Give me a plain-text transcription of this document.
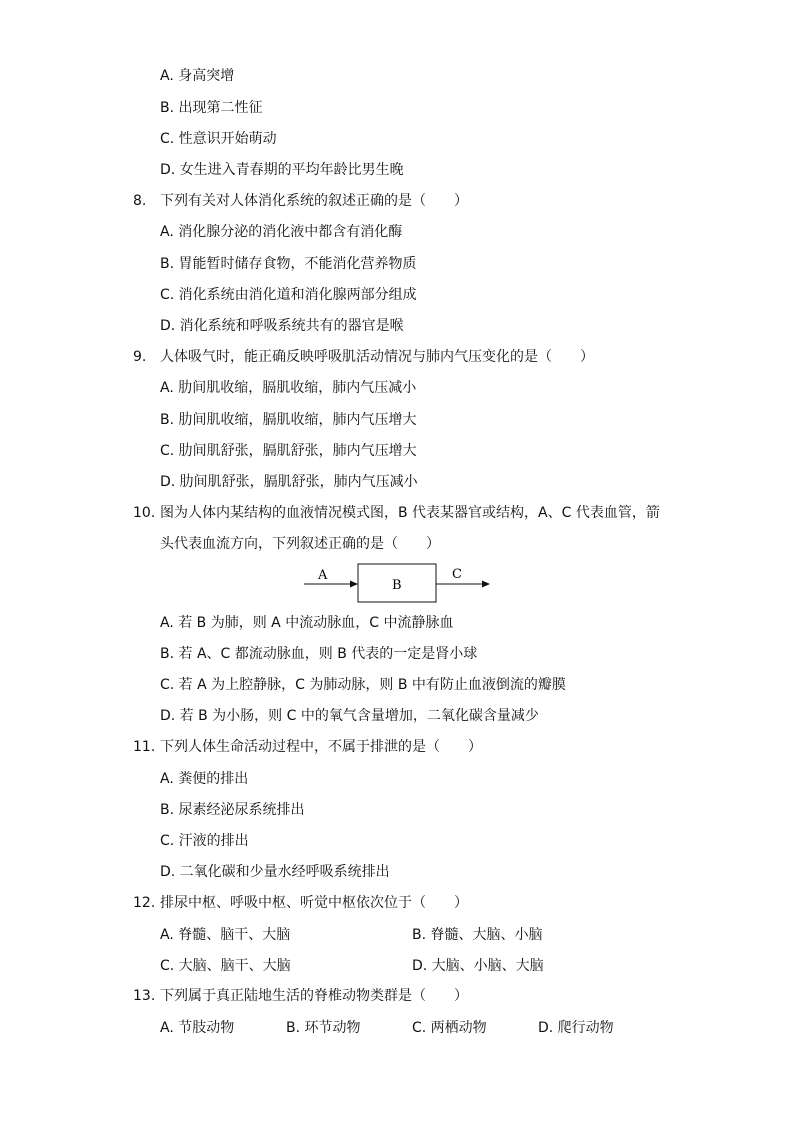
A. 身高突增
B. 出现第二性征
C. 性意识开始萌动
D. 女生进入青春期的平均年龄比男生晚
8. 下列有关对人体消化系统的叙述正确的是（　　）
A. 消化腺分泌的消化液中都含有消化酶
B. 胃能暂时储存食物，不能消化营养物质
C. 消化系统由消化道和消化腺两部分组成
D. 消化系统和呼吸系统共有的器官是喉
9. 人体吸气时，能正确反映呼吸肌活动情况与肺内气压变化的是（　　）
A. 肋间肌收缩，膈肌收缩，肺内气压减小
B. 肋间肌收缩，膈肌收缩，肺内气压增大
C. 肋间肌舒张，膈肌舒张，肺内气压增大
D. 肋间肌舒张，膈肌舒张，肺内气压减小
10. 图为人体内某结构的血液情况模式图，B 代表某器官或结构，A、C 代表血管，箭
头代表血流方向，下列叙述正确的是（　　）
A
B
C
A. 若 B 为肺，则 A 中流动脉血，C 中流静脉血
B. 若 A、C 都流动脉血，则 B 代表的一定是肾小球
C. 若 A 为上腔静脉，C 为肺动脉，则 B 中有防止血液倒流的瓣膜
D. 若 B 为小肠，则 C 中的氧气含量增加，二氧化碳含量减少
11. 下列人体生命活动过程中，不属于排泄的是（　　）
A. 粪便的排出
B. 尿素经泌尿系统排出
C. 汗液的排出
D. 二氧化碳和少量水经呼吸系统排出
12. 排尿中枢、呼吸中枢、听觉中枢依次位于（　　）
A. 脊髓、脑干、大脑	B. 脊髓、大脑、小脑
C. 大脑、脑干、大脑	D. 大脑、小脑、大脑
13. 下列属于真正陆地生活的脊椎动物类群是（　　）
A. 节肢动物	B. 环节动物	C. 两栖动物	D. 爬行动物
